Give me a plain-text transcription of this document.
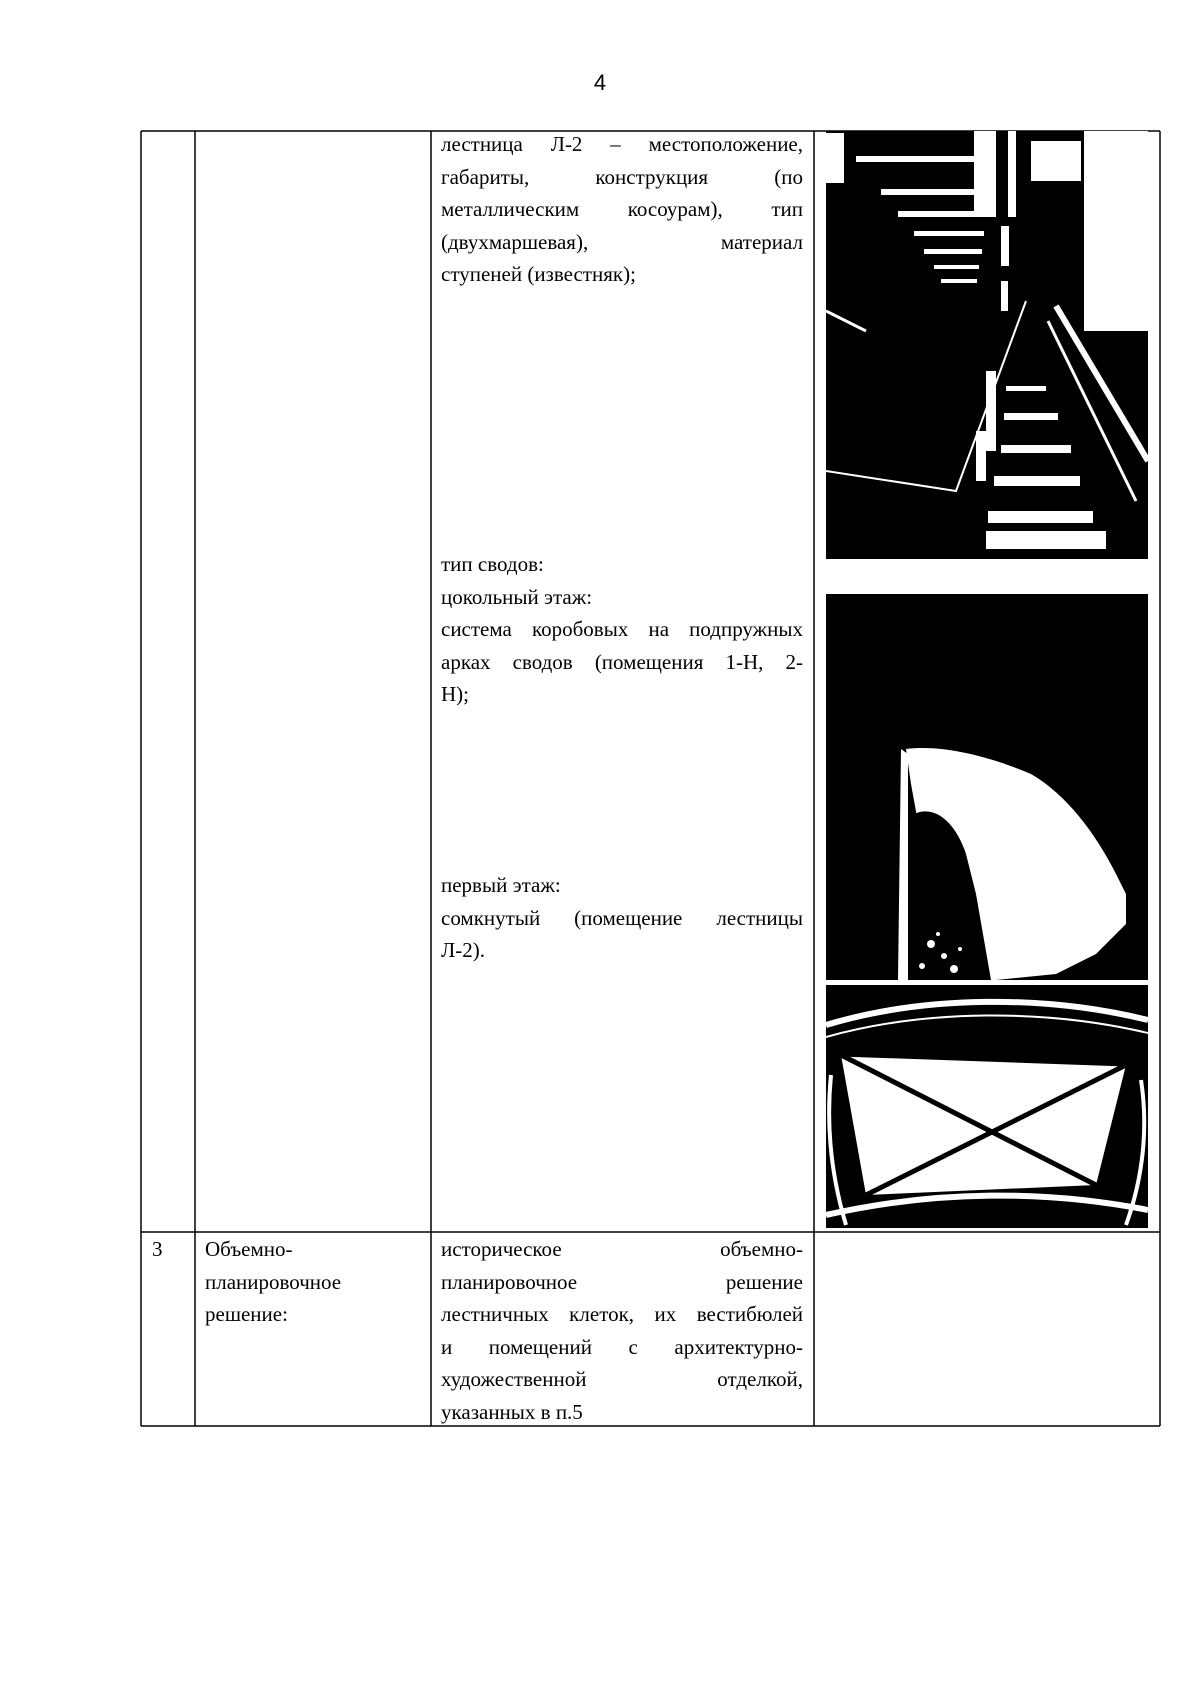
4

лестница Л-2 – местоположение,

габариты, конструкция (по

металлическим косоурам), тип

(двухмаршевая), материал

ступеней (известняк);

тип сводов:

цокольный этаж:

система коробовых на подпружных

арках сводов (помещения 1-Н, 2-

Н);

первый этаж:

сомкнутый (помещение лестницы

Л-2).

3	Объемно-

планировочное

решение:

историческое объемно-

планировочное решение

лестничных клеток, их вестибюлей

и помещений с архитектурно-

художественной отделкой,

указанных в п.5
